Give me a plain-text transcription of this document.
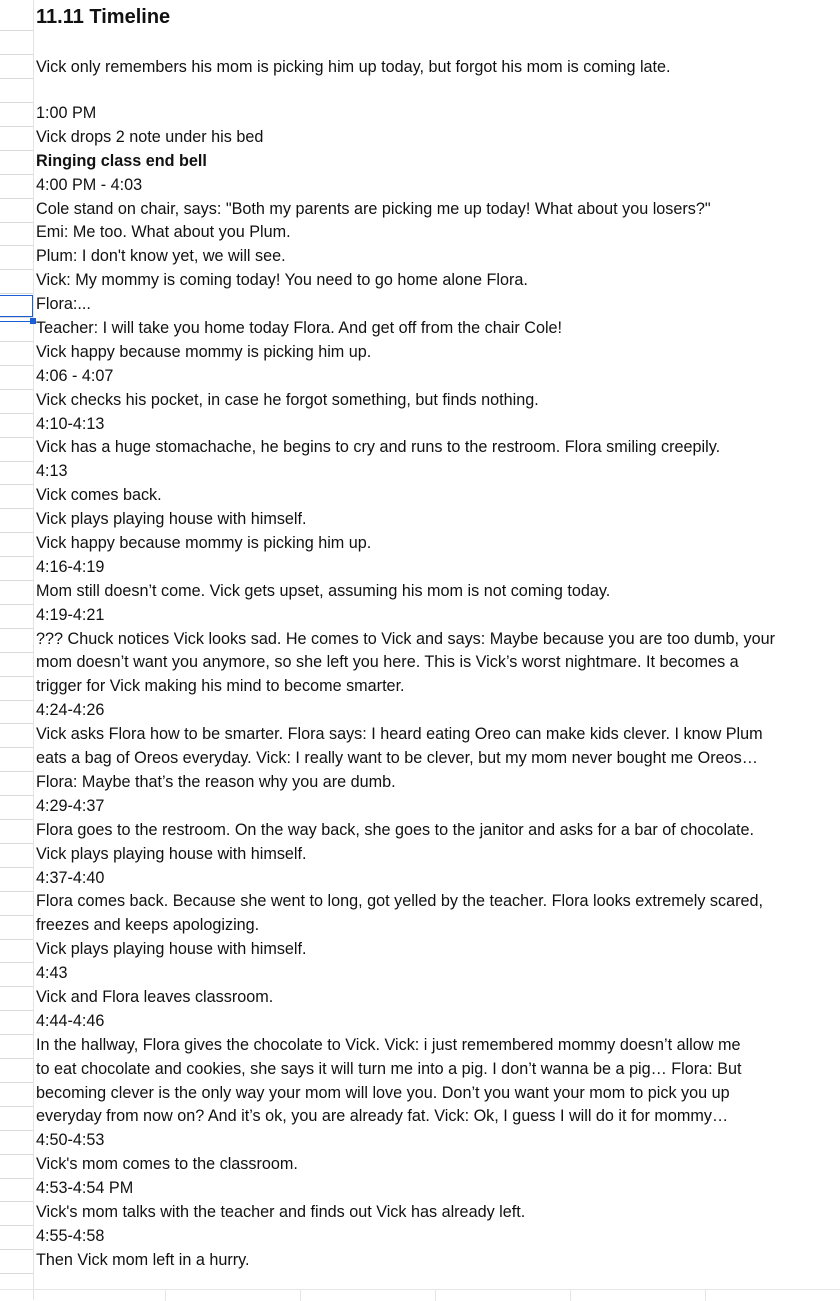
11.11 Timeline
Vick only remembers his mom is picking him up today, but forgot his mom is coming late.
1:00 PM
Vick drops 2 note under his bed
Ringing class end bell
4:00 PM - 4:03
Cole stand on chair, says: "Both my parents are picking me up today! What about you losers?"
Emi: Me too. What about you Plum.
Plum: I don't know yet, we will see.
Vick: My mommy is coming today! You need to go home alone Flora.
Flora:...
Teacher: I will take you home today Flora. And get off from the chair Cole!
Vick happy because mommy is picking him up.
4:06 - 4:07
Vick checks his pocket, in case he forgot something, but finds nothing.
4:10-4:13
Vick has a huge stomachache, he begins to cry and runs to the restroom. Flora smiling creepily.
4:13
Vick comes back.
Vick plays playing house with himself.
Vick happy because mommy is picking him up.
4:16-4:19
Mom still doesn’t come. Vick gets upset, assuming his mom is not coming today.
4:19-4:21
??? Chuck notices Vick looks sad. He comes to Vick and says: Maybe because you are too dumb, your
mom doesn’t want you anymore, so she left you here. This is Vick’s worst nightmare. It becomes a
trigger for Vick making his mind to become smarter.
4:24-4:26
Vick asks Flora how to be smarter. Flora says: I heard eating Oreo can make kids clever. I know Plum
eats a bag of Oreos everyday. Vick: I really want to be clever, but my mom never bought me Oreos…
Flora: Maybe that’s the reason why you are dumb.
4:29-4:37
Flora goes to the restroom. On the way back, she goes to the janitor and asks for a bar of chocolate.
Vick plays playing house with himself.
4:37-4:40
Flora comes back. Because she went to long, got yelled by the teacher. Flora looks extremely scared,
freezes and keeps apologizing.
Vick plays playing house with himself.
4:43
Vick and Flora leaves classroom.
4:44-4:46
In the hallway, Flora gives the chocolate to Vick. Vick: i just remembered mommy doesn’t allow me
to eat chocolate and cookies, she says it will turn me into a pig. I don’t wanna be a pig… Flora: But
becoming clever is the only way your mom will love you. Don’t you want your mom to pick you up
everyday from now on? And it’s ok, you are already fat. Vick: Ok, I guess I will do it for mommy…
4:50-4:53
Vick's mom comes to the classroom.
4:53-4:54 PM
Vick's mom talks with the teacher and finds out Vick has already left.
4:55-4:58
Then Vick mom left in a hurry.
